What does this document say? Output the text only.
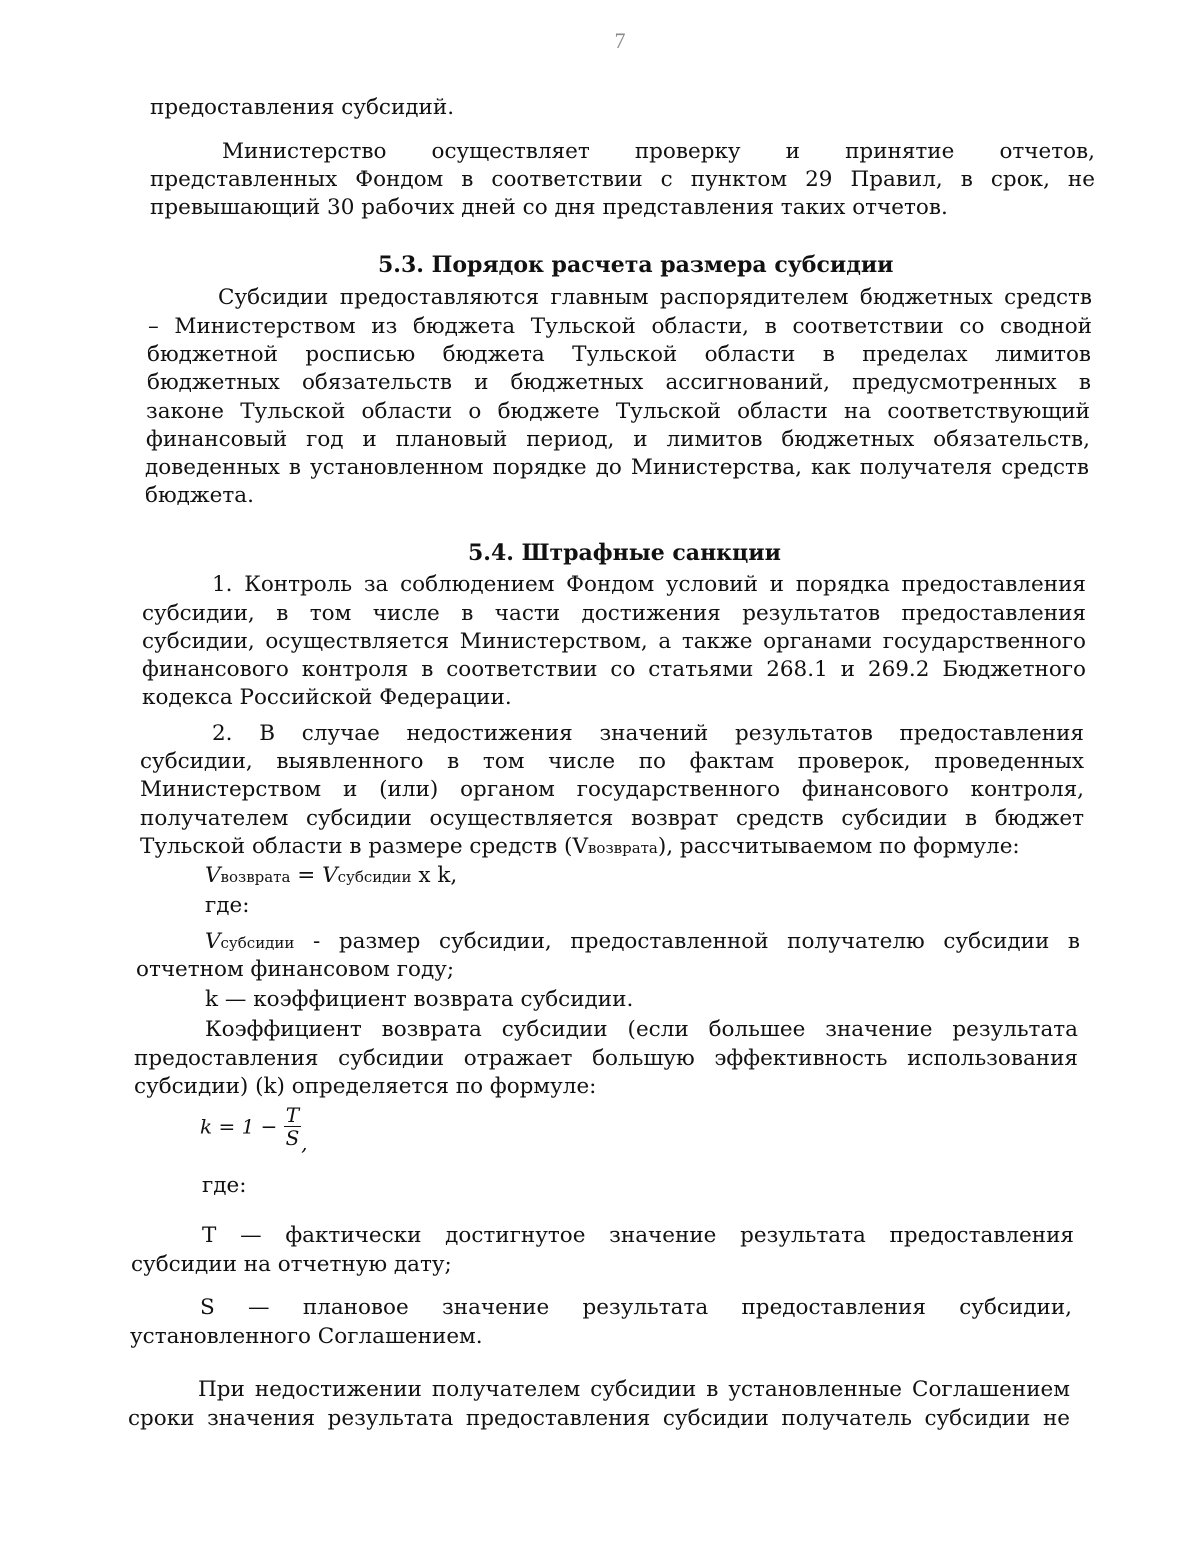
7
предоставления субсидий.
Министерство осуществляет проверку и принятие отчетов,
представленных Фондом в соответствии с пунктом 29 Правил, в срок, не
превышающий 30 рабочих дней со дня представления таких отчетов.
5.3. Порядок расчета размера субсидии
Субсидии предоставляются главным распорядителем бюджетных средств
– Министерством из бюджета Тульской области, в соответствии со сводной
бюджетной росписью бюджета Тульской области в пределах лимитов
бюджетных обязательств и бюджетных ассигнований, предусмотренных в
законе Тульской области о бюджете Тульской области на соответствующий
финансовый год и плановый период, и лимитов бюджетных обязательств,
доведенных в установленном порядке до Министерства, как получателя средств
бюджета.
5.4. Штрафные санкции
1. Контроль за соблюдением Фондом условий и порядка предоставления
субсидии, в том числе в части достижения результатов предоставления
субсидии, осуществляется Министерством, а также органами государственного
финансового контроля в соответствии со статьями 268.1 и 269.2 Бюджетного
кодекса Российской Федерации.
2. В случае недостижения значений результатов предоставления
субсидии, выявленного в том числе по фактам проверок, проведенных
Министерством и (или) органом государственного финансового контроля,
получателем субсидии осуществляется возврат средств субсидии в бюджет
Тульской области в размере средств (Vвозврата), рассчитываемом по формуле:
Vвозврата = Vсубсидии x k,
где:
Vсубсидии - размер субсидии, предоставленной получателю субсидии в
отчетном финансовом году;
k — коэффициент возврата субсидии.
Коэффициент возврата субсидии (если большее значение результата
предоставления субсидии отражает большую эффективность использования
субсидии) (k) определяется по формуле:
$k = 1 - \frac{T}{S}$ ,
где:
Т — фактически достигнутое значение результата предоставления
субсидии на отчетную дату;
S — плановое значение результата предоставления субсидии,
установленного Соглашением.
При недостижении получателем субсидии в установленные Соглашением
сроки значения результата предоставления субсидии получатель субсидии не
